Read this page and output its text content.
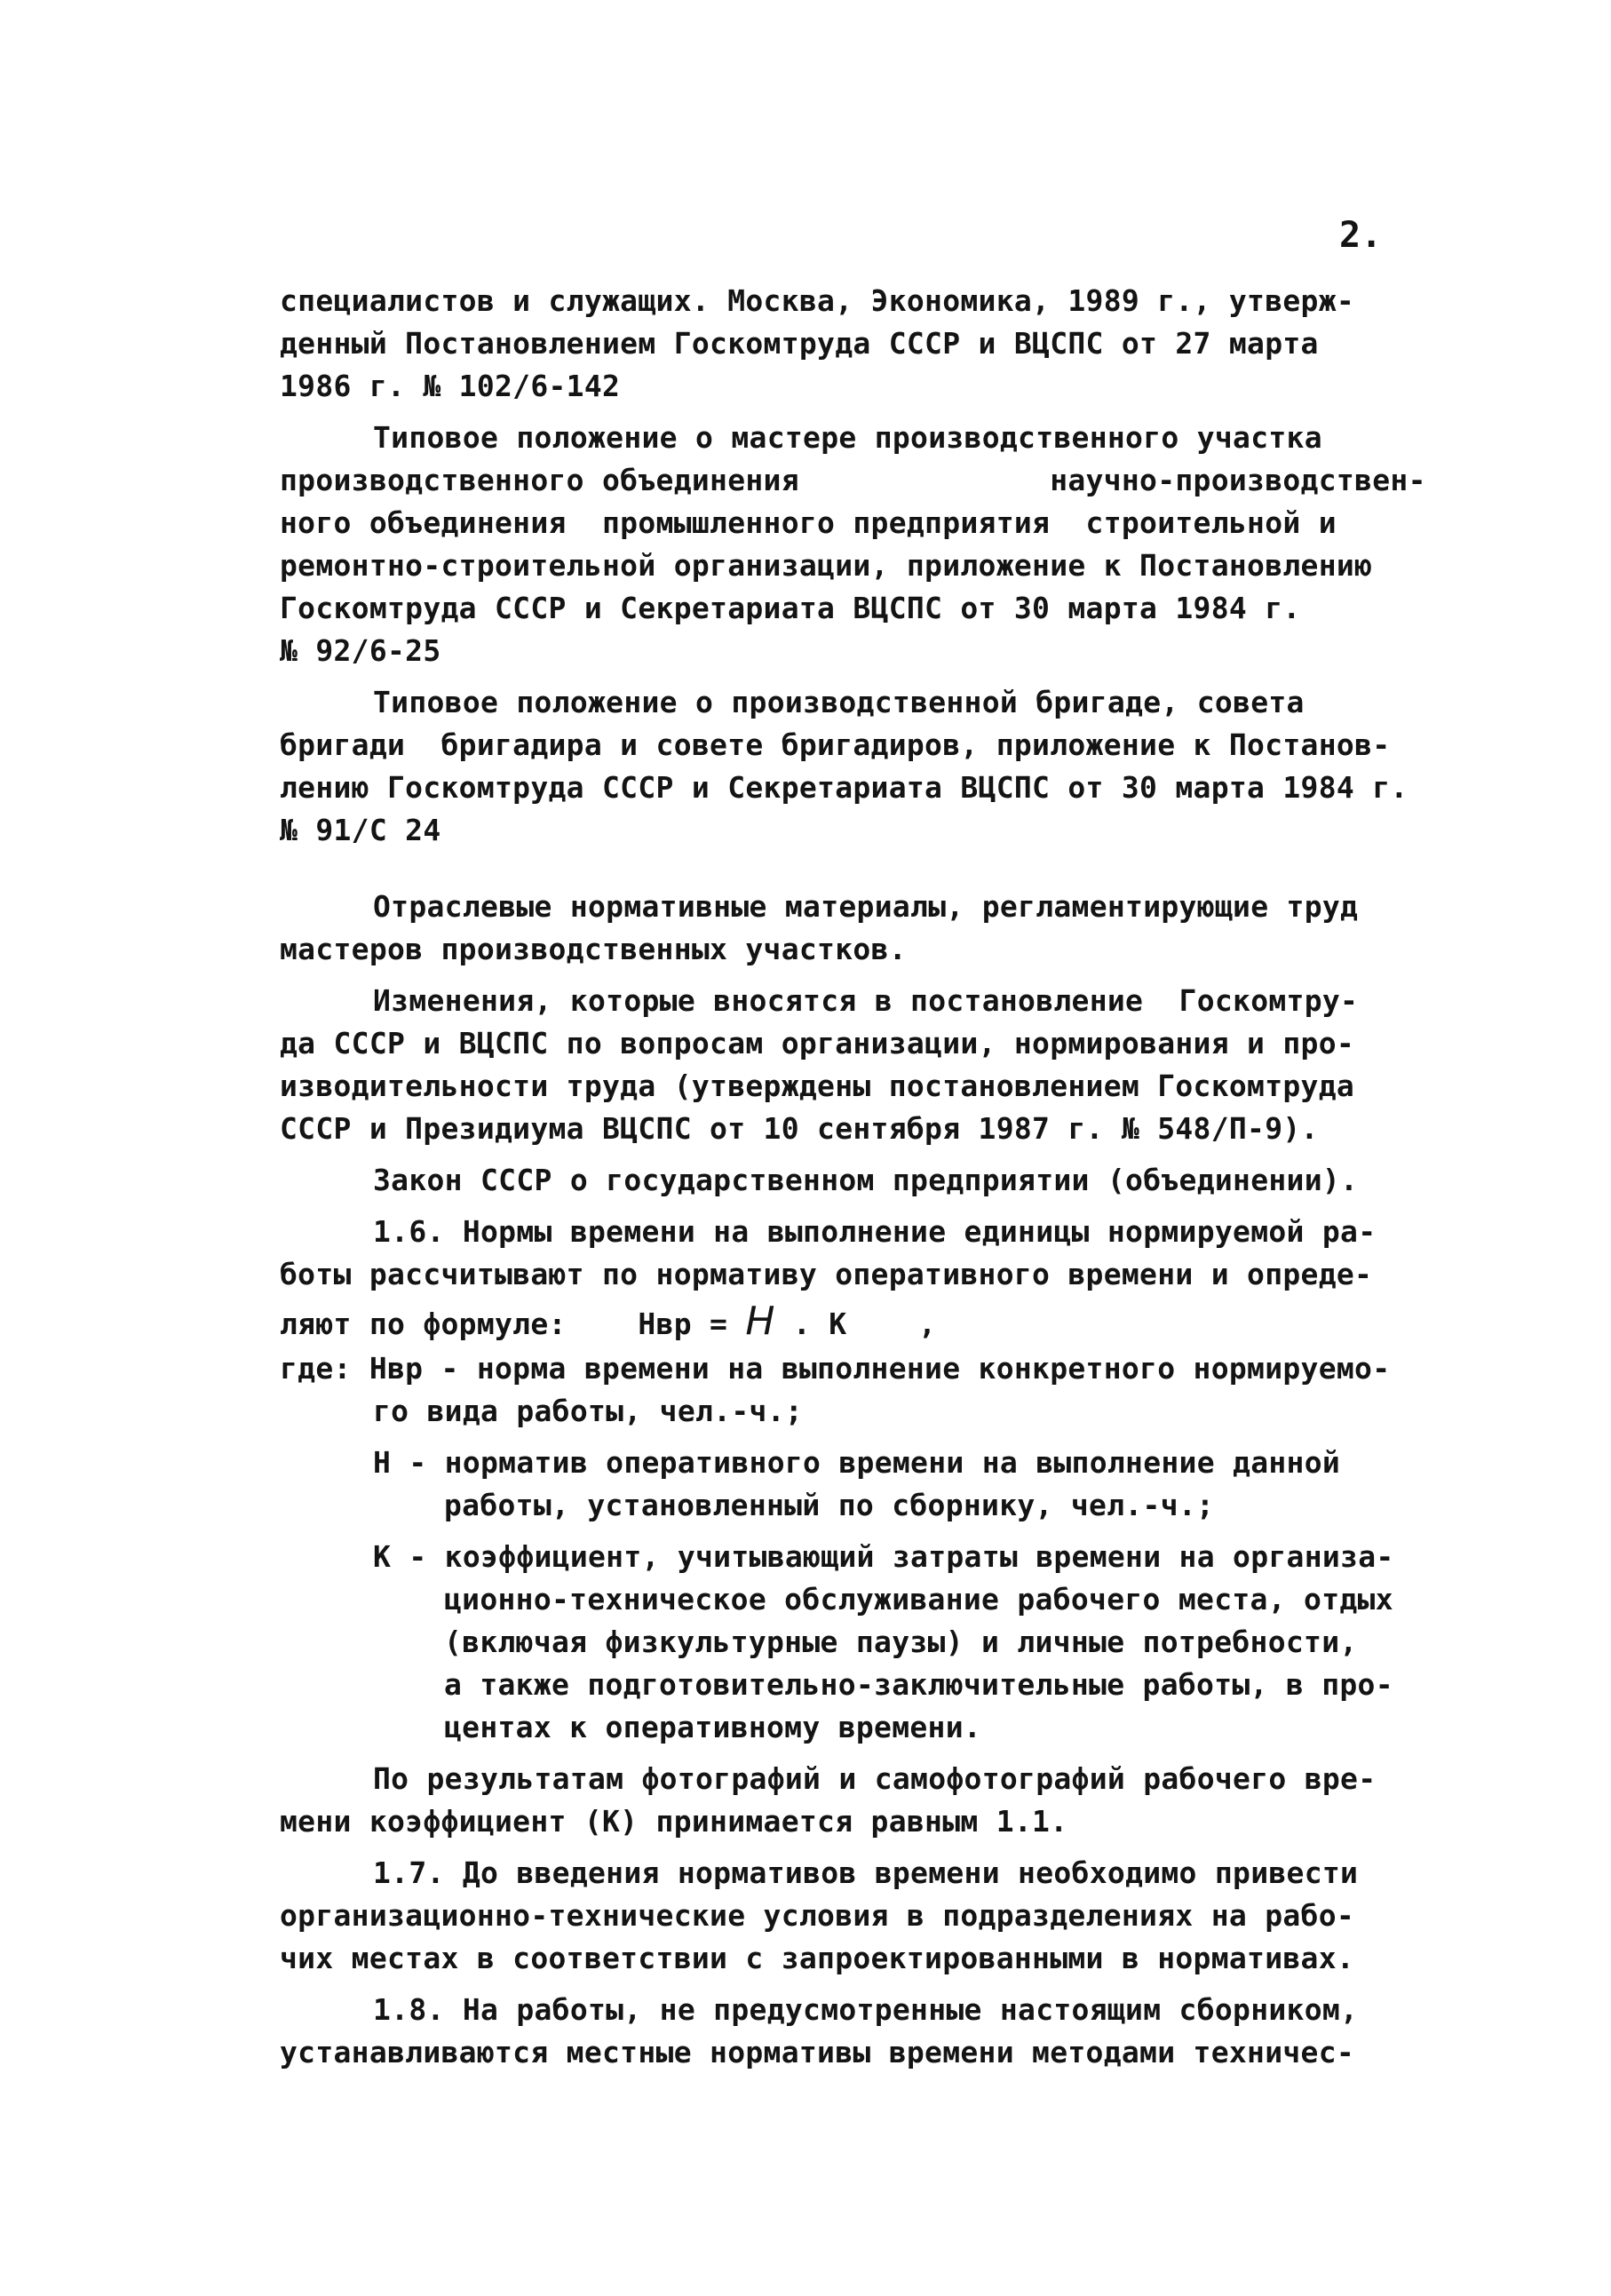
2.
специалистов и служащих. Москва, Экономика, 1989 г., утверж-
денный Постановлением Госкомтруда СССР и ВЦСПС от 27 марта
1986 г. № 102/6-142
Типовое положение о мастере производственного участка
производственного объединения              научно-производствен-
ного объединения  промышленного предприятия  строительной и
ремонтно-строительной организации, приложение к Постановлению
Госкомтруда СССР и Секретариата ВЦСПС от 30 марта 1984 г.
№ 92/6-25
Типовое положение о производственной бригаде, совета
бригади  бригадира и совете бригадиров, приложение к Постанов-
лению Госкомтруда СССР и Секретариата ВЦСПС от 30 марта 1984 г.
№ 91/С 24
Отраслевые нормативные материалы, регламентирующие труд
мастеров производственных участков.
Изменения, которые вносятся в постановление  Госкомтру-
да СССР и ВЦСПС по вопросам организации, нормирования и про-
изводительности труда (утверждены постановлением Госкомтруда
СССР и Президиума ВЦСПС от 10 сентября 1987 г. № 548/П-9).
Закон СССР о государственном предприятии (объединении).
1.6. Нормы времени на выполнение единицы нормируемой ра-
боты рассчитывают по нормативу оперативного времени и опреде-
ляют по формуле:    Нвр = Н . К    ,
где: Нвр - норма времени на выполнение конкретного нормируемо-
го вида работы, чел.-ч.;
Н - норматив оперативного времени на выполнение данной
работы, установленный по сборнику, чел.-ч.;
К - коэффициент, учитывающий затраты времени на организа-
ционно-техническое обслуживание рабочего места, отдых
(включая физкультурные паузы) и личные потребности,
а также подготовительно-заключительные работы, в про-
центах к оперативному времени.
По результатам фотографий и самофотографий рабочего вре-
мени коэффициент (К) принимается равным 1.1.
1.7. До введения нормативов времени необходимо привести
организационно-технические условия в подразделениях на рабо-
чих местах в соответствии с запроектированными в нормативах.
1.8. На работы, не предусмотренные настоящим сборником,
устанавливаются местные нормативы времени методами техничес-
